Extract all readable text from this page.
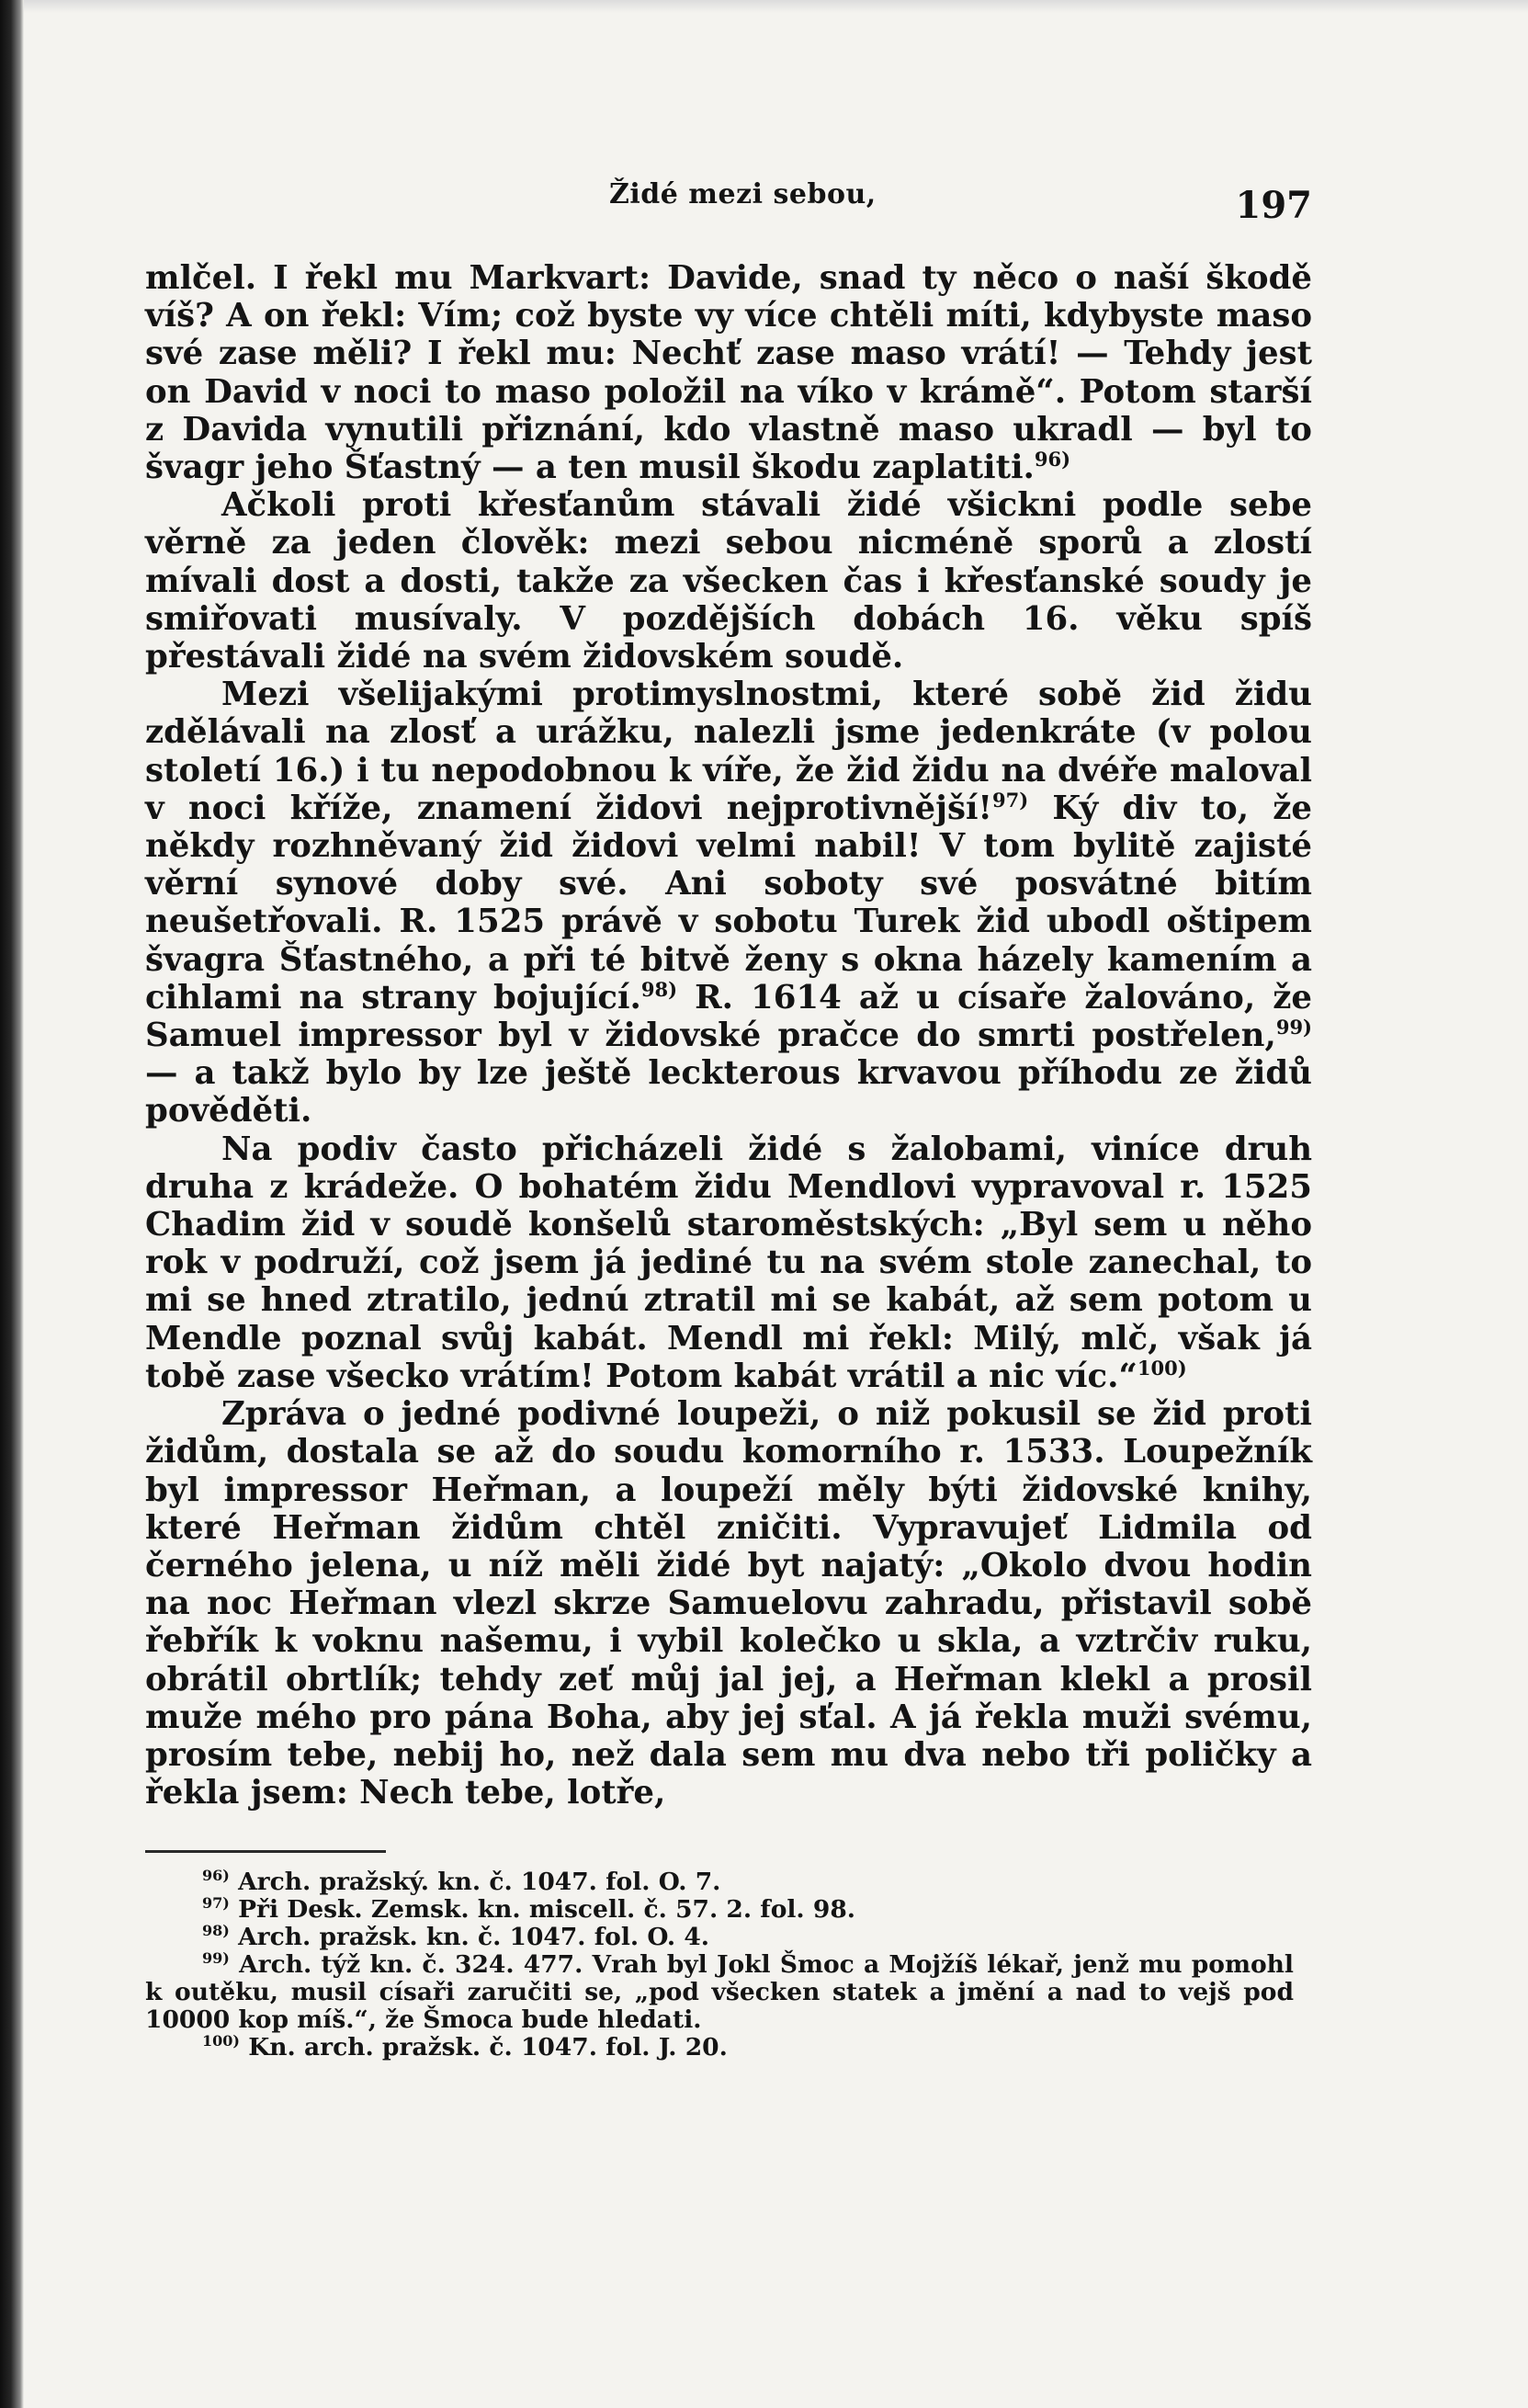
Židé mezi sebou,	197

mlčel. I řekl mu Markvart: Davide, snad ty něco o naší škodě víš? A on řekl: Vím; což byste vy více chtěli míti, kdybyste maso své zase měli? I řekl mu: Nechť zase maso vrátí! — Tehdy jest on David v noci to maso položil na víko v krámě“. Potom starší z Davida vynutili přiznání, kdo vlastně maso ukradl — byl to švagr jeho Šťastný — a ten musil škodu zaplatiti.$^{96)}$

Ačkoli proti křesťanům stávali židé všickni podle sebe věrně za jeden člověk: mezi sebou nicméně sporů a zlostí mívali dost a dosti, takže za všecken čas i křesťanské soudy je smiřovati musívaly. V pozdějších dobách 16. věku spíš přestávali židé na svém židovském soudě.

Mezi všelijakými protimyslnostmi, které sobě žid židu zdělávali na zlosť a urážku, nalezli jsme jedenkráte (v polou století 16.) i tu nepodobnou k víře, že žid židu na dvéře maloval v noci kříže, znamení židovi nejprotivnější!$^{97)}$ Ký div to, že někdy rozhněvaný žid židovi velmi nabil! V tom bylitě zajisté věrní synové doby své. Ani soboty své posvátné bitím neušetřovali. R. 1525 právě v sobotu Turek žid ubodl oštipem švagra Šťastného, a při té bitvě ženy s okna házely kamením a cihlami na strany bojující.$^{98)}$ R. 1614 až u císaře žalováno, že Samuel impressor byl v židovské pračce do smrti postřelen,$^{99)}$ — a takž bylo by lze ještě leckterous krvavou příhodu ze židů pověděti.

Na podiv často přicházeli židé s žalobami, viníce druh druha z krádeže. O bohatém židu Mendlovi vypravoval r. 1525 Chadim žid v soudě konšelů staroměstských: „Byl sem u něho rok v podruží, což jsem já jediné tu na svém stole zanechal, to mi se hned ztratilo, jednú ztratil mi se kabát, až sem potom u Mendle poznal svůj kabát. Mendl mi řekl: Milý, mlč, však já tobě zase všecko vrátím! Potom kabát vrátil a nic víc.“$^{100)}$

Zpráva o jedné podivné loupeži, o niž pokusil se žid proti židům, dostala se až do soudu komorního r. 1533. Loupežník byl impressor Heřman, a loupeží měly býti židovské knihy, které Heřman židům chtěl zničiti. Vypravujeť Lidmila od černého jelena, u níž měli židé byt najatý: „Okolo dvou hodin na noc Heřman vlezl skrze Samuelovu zahradu, přistavil sobě řebřík k voknu našemu, i vybil kolečko u skla, a vztrčiv ruku, obrátil obrtlík; tehdy zeť můj jal jej, a Heřman klekl a prosil muže mého pro pána Boha, aby jej sťal. A já řekla muži svému, prosím tebe, nebij ho, než dala sem mu dva nebo tři poličky a řekla jsem: Nech tebe, lotře,

$^{96)}$ Arch. pražský. kn. č. 1047. fol. O. 7.

$^{97)}$ Při Desk. Zemsk. kn. miscell. č. 57. 2. fol. 98.

$^{98)}$ Arch. pražsk. kn. č. 1047. fol. O. 4.

$^{99)}$ Arch. týž kn. č. 324. 477. Vrah byl Jokl Šmoc a Mojžíš lékař, jenž mu pomohl k outěku, musil císaři zaručiti se, „pod všecken statek a jmění a nad to vejš pod 10000 kop míš.“, že Šmoca bude hledati.

$^{100)}$ Kn. arch. pražsk. č. 1047. fol. J. 20.
